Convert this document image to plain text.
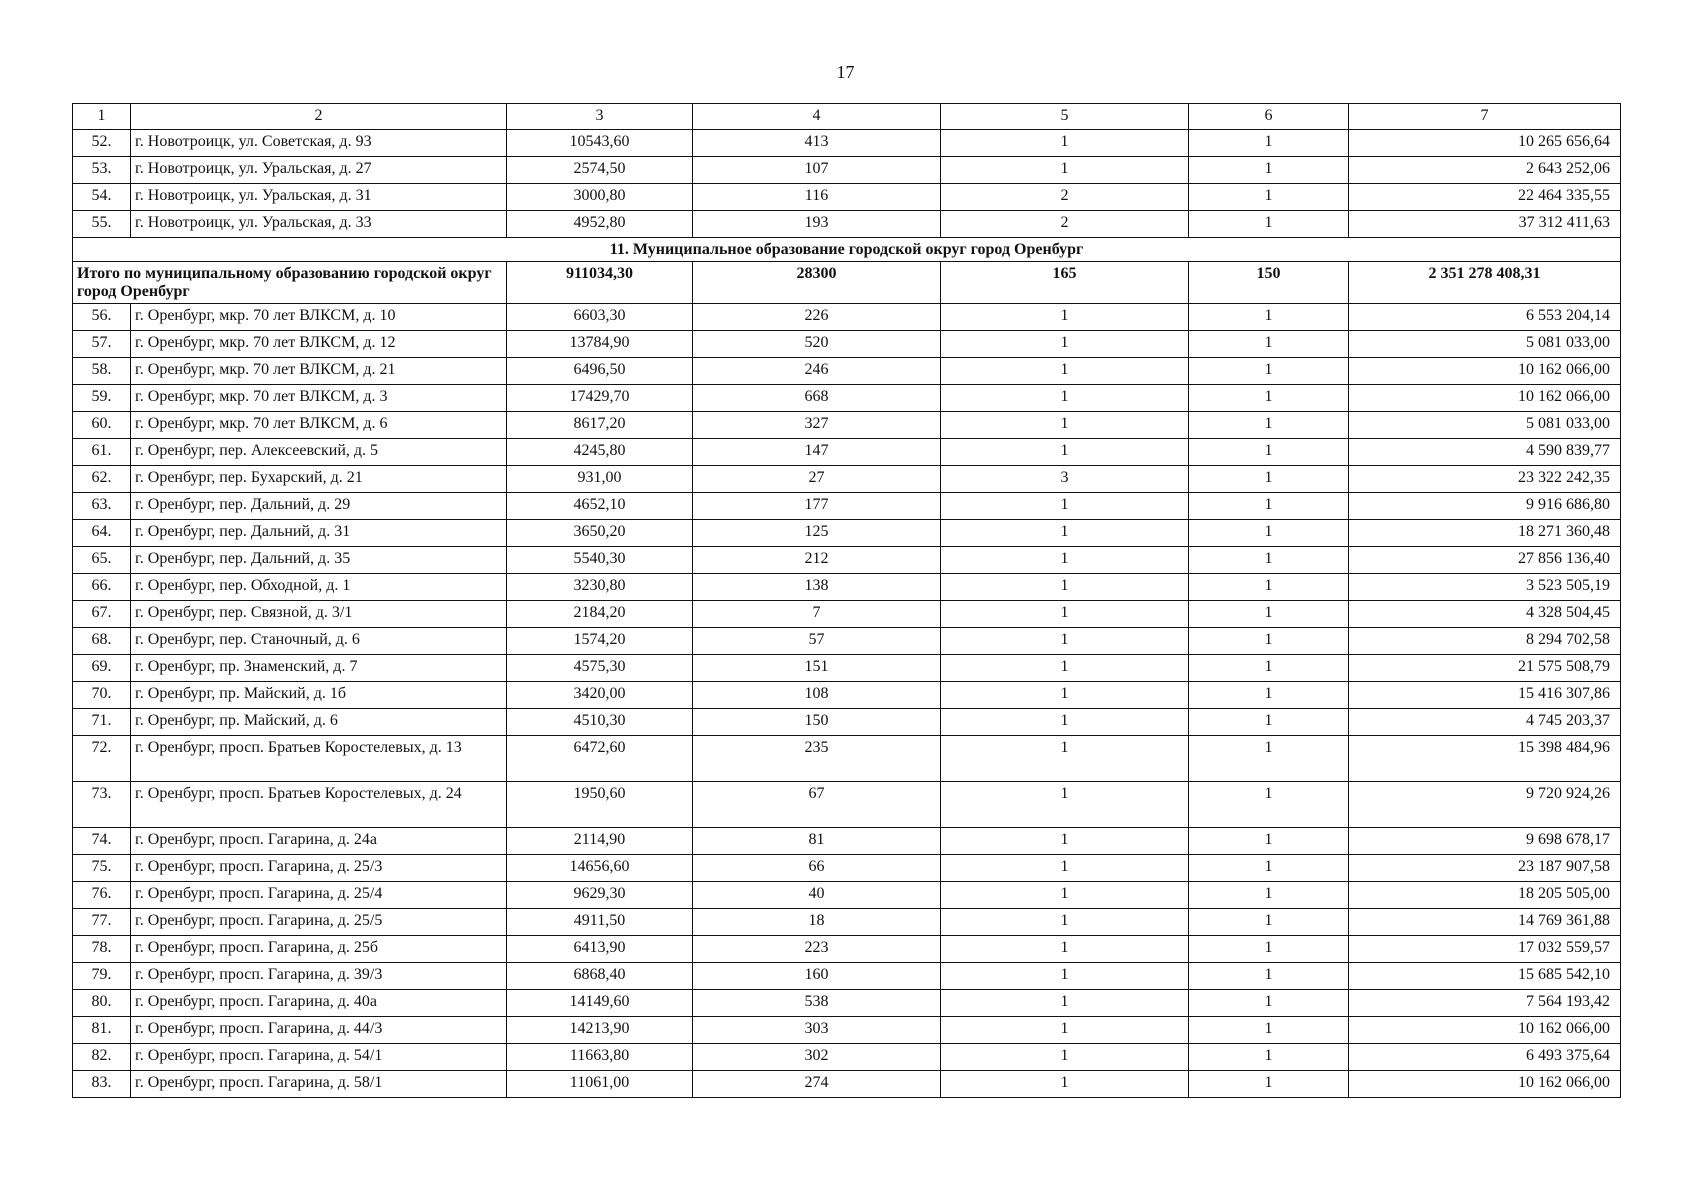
17
1	2	3	4	5	6	7
52.	г. Новотроицк, ул. Советская, д. 93	10543,60	413	1	1	10 265 656,64
53.	г. Новотроицк, ул. Уральская, д. 27	2574,50	107	1	1	2 643 252,06
54.	г. Новотроицк, ул. Уральская, д. 31	3000,80	116	2	1	22 464 335,55
55.	г. Новотроицк, ул. Уральская, д. 33	4952,80	193	2	1	37 312 411,63
11. Муниципальное образование городской округ город Оренбург						
Итого по муниципальному образованию городской округ город Оренбург		911034,30	28300	165	150	2 351 278 408,31
56.	г. Оренбург, мкр. 70 лет ВЛКСМ, д. 10	6603,30	226	1	1	6 553 204,14
57.	г. Оренбург, мкр. 70 лет ВЛКСМ, д. 12	13784,90	520	1	1	5 081 033,00
58.	г. Оренбург, мкр. 70 лет ВЛКСМ, д. 21	6496,50	246	1	1	10 162 066,00
59.	г. Оренбург, мкр. 70 лет ВЛКСМ, д. 3	17429,70	668	1	1	10 162 066,00
60.	г. Оренбург, мкр. 70 лет ВЛКСМ, д. 6	8617,20	327	1	1	5 081 033,00
61.	г. Оренбург, пер. Алексеевский, д. 5	4245,80	147	1	1	4 590 839,77
62.	г. Оренбург, пер. Бухарский, д. 21	931,00	27	3	1	23 322 242,35
63.	г. Оренбург, пер. Дальний, д. 29	4652,10	177	1	1	9 916 686,80
64.	г. Оренбург, пер. Дальний, д. 31	3650,20	125	1	1	18 271 360,48
65.	г. Оренбург, пер. Дальний, д. 35	5540,30	212	1	1	27 856 136,40
66.	г. Оренбург, пер. Обходной, д. 1	3230,80	138	1	1	3 523 505,19
67.	г. Оренбург, пер. Связной, д. 3/1	2184,20	7	1	1	4 328 504,45
68.	г. Оренбург, пер. Станочный, д. 6	1574,20	57	1	1	8 294 702,58
69.	г. Оренбург, пр. Знаменский, д. 7	4575,30	151	1	1	21 575 508,79
70.	г. Оренбург, пр. Майский, д. 1б	3420,00	108	1	1	15 416 307,86
71.	г. Оренбург, пр. Майский, д. 6	4510,30	150	1	1	4 745 203,37
72.	г. Оренбург, просп. Братьев Коростелевых, д. 13	6472,60	235	1	1	15 398 484,96
73.	г. Оренбург, просп. Братьев Коростелевых, д. 24	1950,60	67	1	1	9 720 924,26
74.	г. Оренбург, просп. Гагарина, д. 24а	2114,90	81	1	1	9 698 678,17
75.	г. Оренбург, просп. Гагарина, д. 25/3	14656,60	66	1	1	23 187 907,58
76.	г. Оренбург, просп. Гагарина, д. 25/4	9629,30	40	1	1	18 205 505,00
77.	г. Оренбург, просп. Гагарина, д. 25/5	4911,50	18	1	1	14 769 361,88
78.	г. Оренбург, просп. Гагарина, д. 25б	6413,90	223	1	1	17 032 559,57
79.	г. Оренбург, просп. Гагарина, д. 39/3	6868,40	160	1	1	15 685 542,10
80.	г. Оренбург, просп. Гагарина, д. 40а	14149,60	538	1	1	7 564 193,42
81.	г. Оренбург, просп. Гагарина, д. 44/3	14213,90	303	1	1	10 162 066,00
82.	г. Оренбург, просп. Гагарина, д. 54/1	11663,80	302	1	1	6 493 375,64
83.	г. Оренбург, просп. Гагарина, д. 58/1	11061,00	274	1	1	10 162 066,00
